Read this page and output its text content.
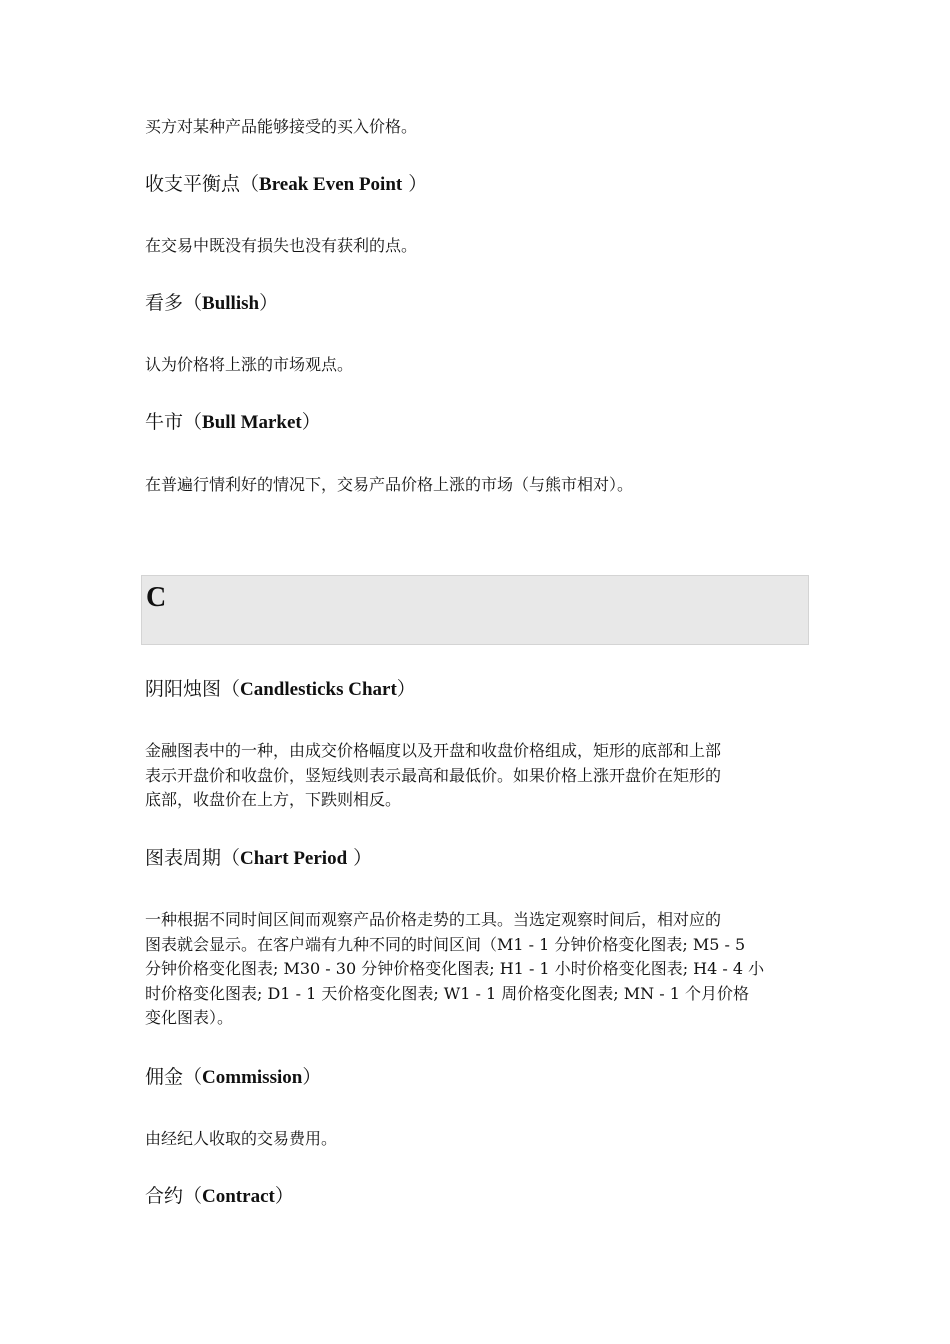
买方对某种产品能够接受的买入价格。

收支平衡点（Break Even Point ）

在交易中既没有损失也没有获利的点。

看多（Bullish）

认为价格将上涨的市场观点。

牛市（Bull Market）

在普遍行情利好的情况下，交易产品价格上涨的市场（与熊市相对）。

C

阴阳烛图（Candlesticks Chart）

金融图表中的一种，由成交价格幅度以及开盘和收盘价格组成，矩形的底部和上部
表示开盘价和收盘价，竖短线则表示最高和最低价。如果价格上涨开盘价在矩形的
底部，收盘价在上方，下跌则相反。

图表周期（Chart Period ）

一种根据不同时间区间而观察产品价格走势的工具。当选定观察时间后，相对应的
图表就会显示。在客户端有九种不同的时间区间（M1 - 1 分钟价格变化图表; M5 - 5
分钟价格变化图表; M30 - 30 分钟价格变化图表; H1 - 1 小时价格变化图表; H4 - 4 小
时价格变化图表; D1 - 1 天价格变化图表; W1 - 1 周价格变化图表; MN - 1 个月价格
变化图表）。

佣金（Commission）

由经纪人收取的交易费用。

合约（Contract）
